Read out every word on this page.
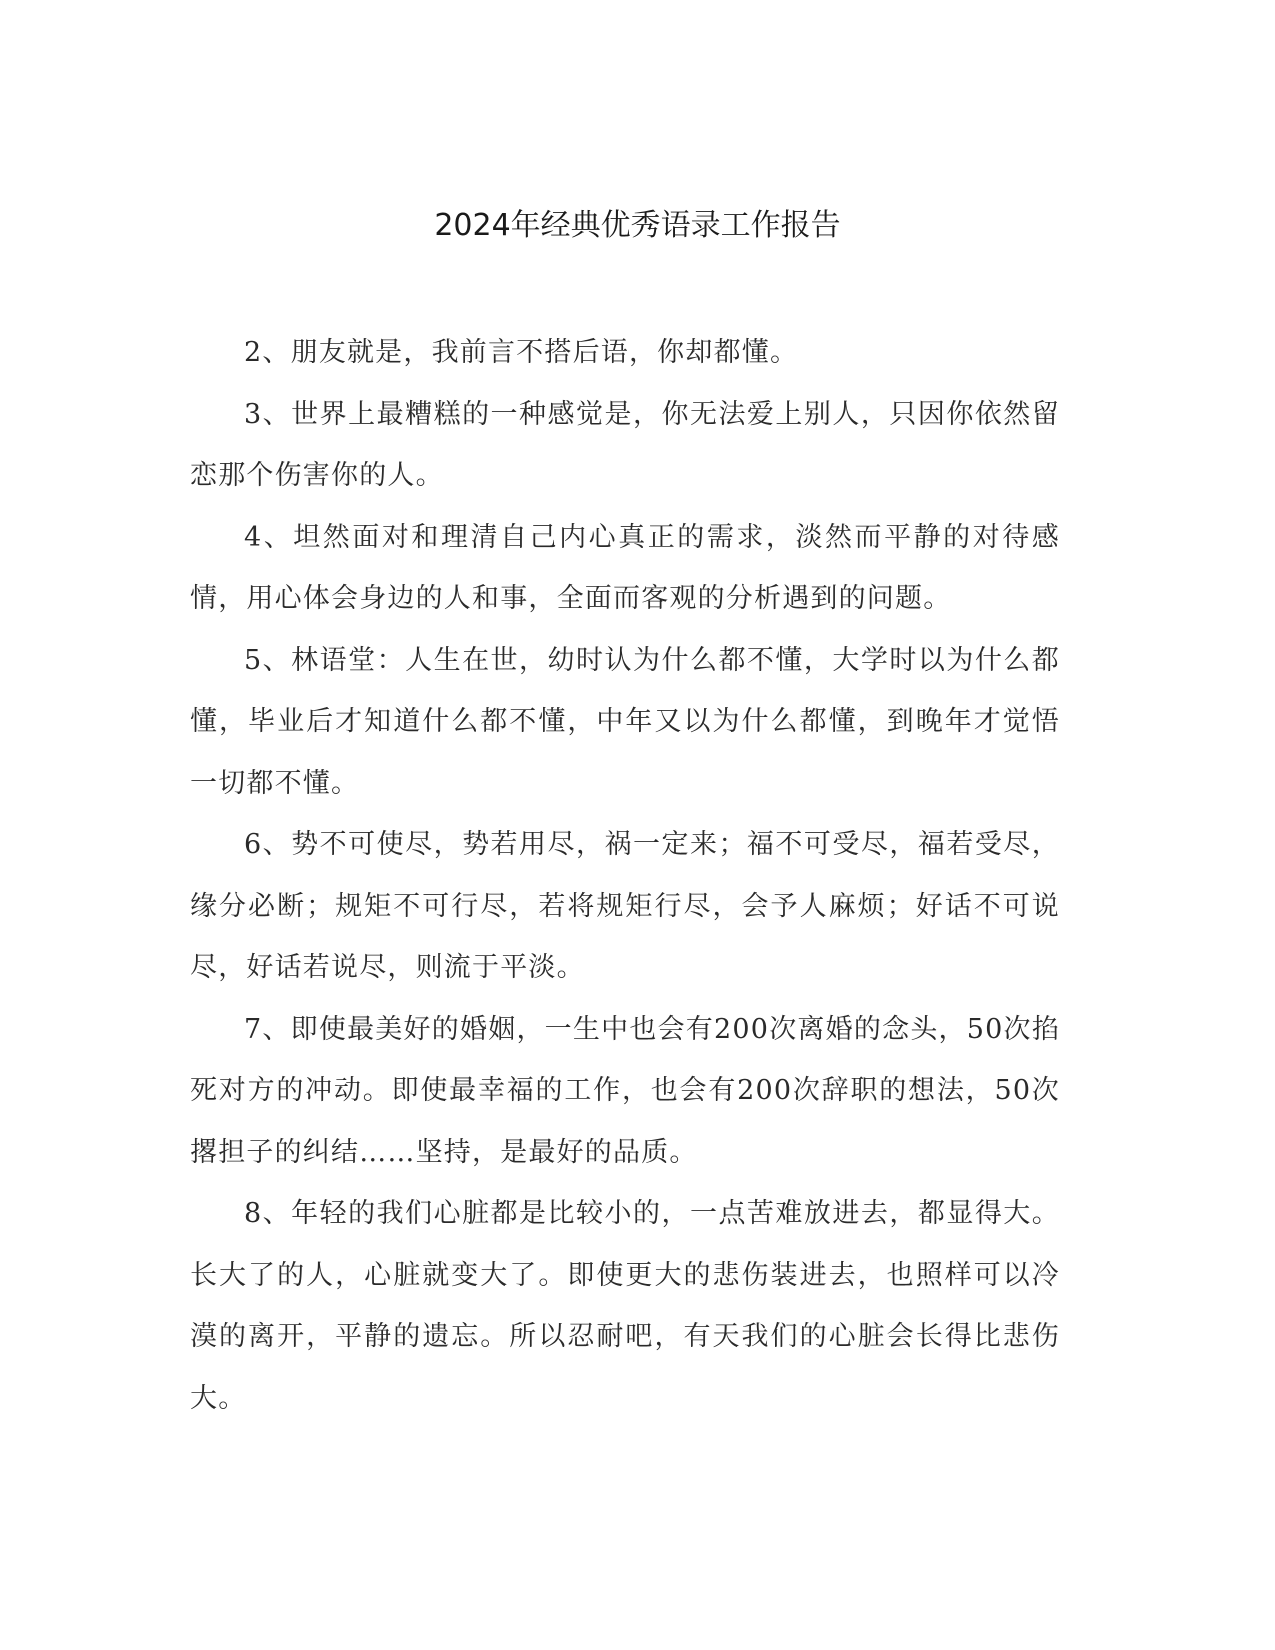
2024年经典优秀语录工作报告

2、朋友就是，我前言不搭后语，你却都懂。

3、世界上最糟糕的一种感觉是，你无法爱上别人，只因你依然留恋那个伤害你的人。

4、坦然面对和理清自己内心真正的需求，淡然而平静的对待感情，用心体会身边的人和事，全面而客观的分析遇到的问题。

5、林语堂：人生在世，幼时认为什么都不懂，大学时以为什么都懂，毕业后才知道什么都不懂，中年又以为什么都懂，到晚年才觉悟一切都不懂。

6、势不可使尽，势若用尽，祸一定来；福不可受尽，福若受尽，缘分必断；规矩不可行尽，若将规矩行尽，会予人麻烦；好话不可说尽，好话若说尽，则流于平淡。

7、即使最美好的婚姻，一生中也会有200次离婚的念头，50次掐死对方的冲动。即使最幸福的工作，也会有200次辞职的想法，50次撂担子的纠结……坚持，是最好的品质。

8、年轻的我们心脏都是比较小的，一点苦难放进去，都显得大。长大了的人，心脏就变大了。即使更大的悲伤装进去，也照样可以冷漠的离开，平静的遗忘。所以忍耐吧，有天我们的心脏会长得比悲伤大。
